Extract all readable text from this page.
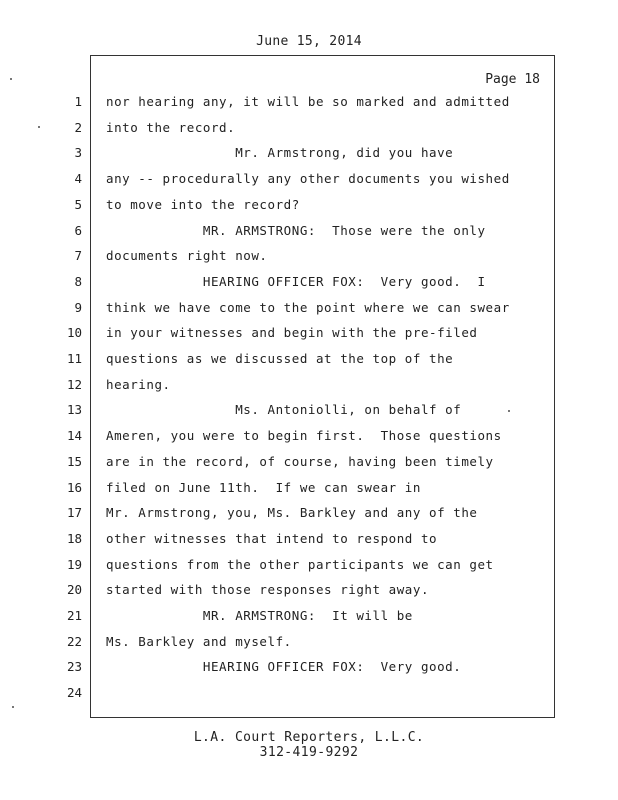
June 15, 2014
Page 18
1 nor hearing any, it will be so marked and admitted
2 into the record.
3 Mr. Armstrong, did you have
4 any -- procedurally any other documents you wished
5 to move into the record?
6 MR. ARMSTRONG:  Those were the only
7 documents right now.
8 HEARING OFFICER FOX:  Very good.  I
9 think we have come to the point where we can swear
10 in your witnesses and begin with the pre-filed
11 questions as we discussed at the top of the
12 hearing.
13 Ms. Antoniolli, on behalf of
14 Ameren, you were to begin first.  Those questions
15 are in the record, of course, having been timely
16 filed on June 11th.  If we can swear in
17 Mr. Armstrong, you, Ms. Barkley and any of the
18 other witnesses that intend to respond to
19 questions from the other participants we can get
20 started with those responses right away.
21 MR. ARMSTRONG:  It will be
22 Ms. Barkley and myself.
23 HEARING OFFICER FOX:  Very good.
24
L.A. Court Reporters, L.L.C.
312-419-9292
